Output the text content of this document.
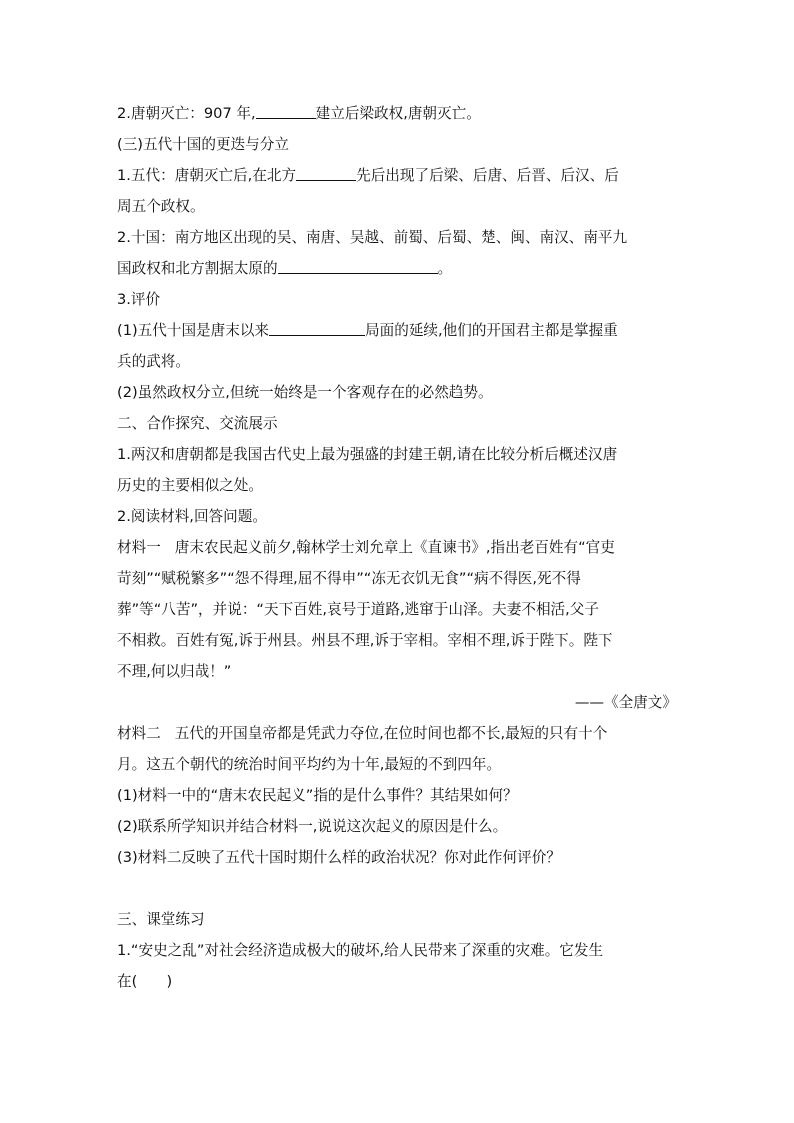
2.唐朝灭亡：907 年,	建立后梁政权,唐朝灭亡。
(三)五代十国的更迭与分立
1.五代：唐朝灭亡后,在北方	先后出现了后梁、后唐、后晋、后汉、后
周五个政权。
2.十国：南方地区出现的吴、南唐、吴越、前蜀、后蜀、楚、闽、南汉、南平九
国政权和北方割据太原的	。
3.评价
(1)五代十国是唐末以来	局面的延续,他们的开国君主都是掌握重
兵的武将。
(2)虽然政权分立,但统一始终是一个客观存在的必然趋势。
二、合作探究、交流展示
1.两汉和唐朝都是我国古代史上最为强盛的封建王朝,请在比较分析后概述汉唐
历史的主要相似之处。
2.阅读材料,回答问题。
材料一 唐末农民起义前夕,翰林学士刘允章上《直谏书》,指出老百姓有“官吏
苛刻”“赋税繁多”“怨不得理,屈不得申”“冻无衣饥无食”“病不得医,死不得
葬”等“八苦”，并说：“天下百姓,哀号于道路,逃窜于山泽。夫妻不相活,父子
不相救。百姓有冤,诉于州县。州县不理,诉于宰相。宰相不理,诉于陛下。陛下
不理,何以归哉！”
——《全唐文》
材料二 五代的开国皇帝都是凭武力夺位,在位时间也都不长,最短的只有十个
月。这五个朝代的统治时间平均约为十年,最短的不到四年。
(1)材料一中的“唐末农民起义”指的是什么事件？其结果如何？
(2)联系所学知识并结合材料一,说说这次起义的原因是什么。
(3)材料二反映了五代十国时期什么样的政治状况？你对此作何评价？
三、课堂练习
1.“安史之乱”对社会经济造成极大的破坏,给人民带来了深重的灾难。它发生
在(　　)
